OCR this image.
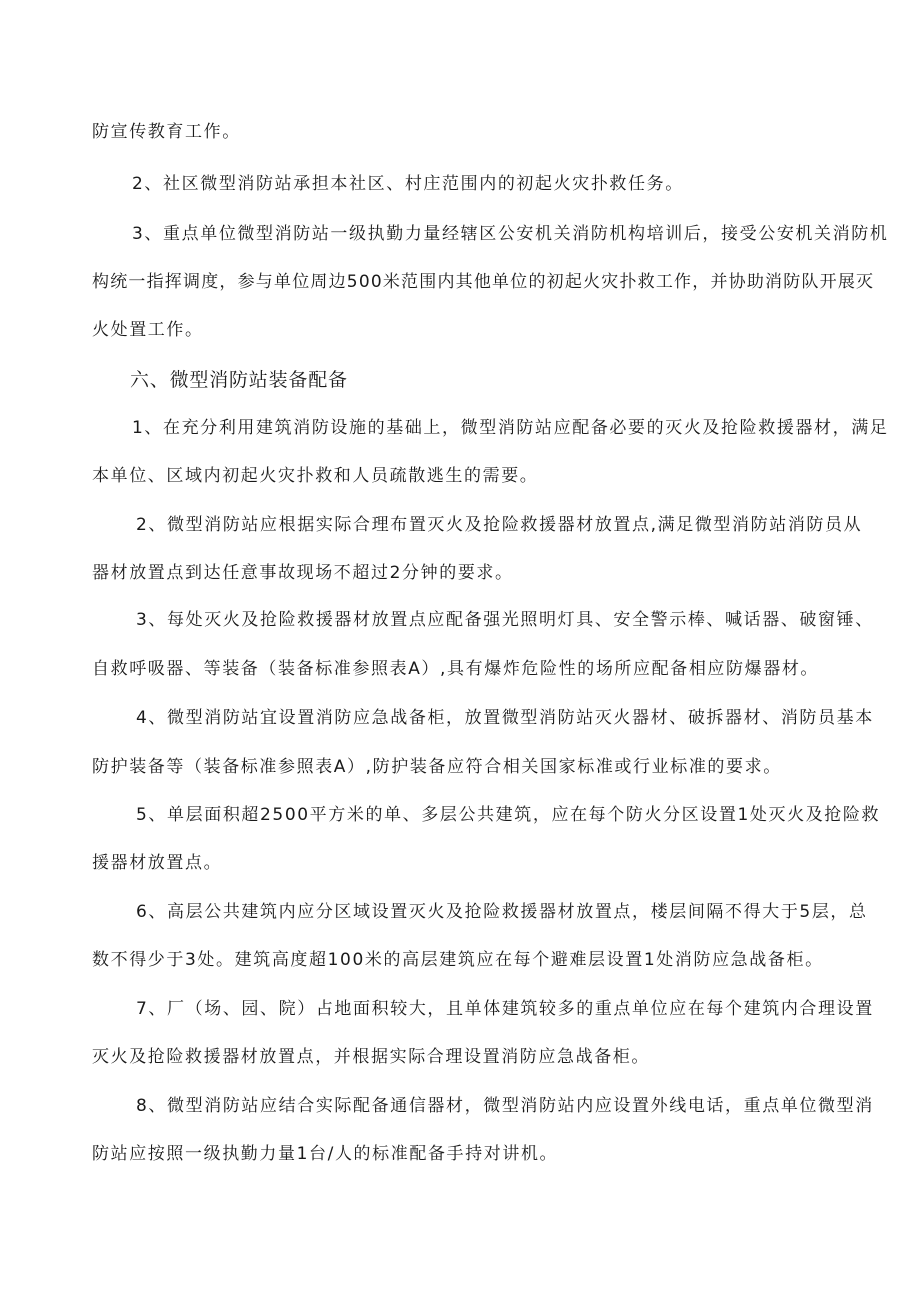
防宣传教育工作。
2、社区微型消防站承担本社区、村庄范围内的初起火灾扑救任务。
3、重点单位微型消防站一级执勤力量经辖区公安机关消防机构培训后，接受公安机关消防机
构统一指挥调度，参与单位周边500米范围内其他单位的初起火灾扑救工作，并协助消防队开展灭
火处置工作。
六、微型消防站装备配备
1、在充分利用建筑消防设施的基础上，微型消防站应配备必要的灭火及抢险救援器材，满足
本单位、区域内初起火灾扑救和人员疏散逃生的需要。
2、微型消防站应根据实际合理布置灭火及抢险救援器材放置点,满足微型消防站消防员从
器材放置点到达任意事故现场不超过2分钟的要求。
3、每处灭火及抢险救援器材放置点应配备强光照明灯具、安全警示棒、喊话器、破窗锤、
自救呼吸器、等装备（装备标准参照表A）,具有爆炸危险性的场所应配备相应防爆器材。
4、微型消防站宜设置消防应急战备柜，放置微型消防站灭火器材、破拆器材、消防员基本
防护装备等（装备标准参照表A）,防护装备应符合相关国家标准或行业标准的要求。
5、单层面积超2500平方米的单、多层公共建筑，应在每个防火分区设置1处灭火及抢险救
援器材放置点。
6、高层公共建筑内应分区域设置灭火及抢险救援器材放置点，楼层间隔不得大于5层，总
数不得少于3处。建筑高度超100米的高层建筑应在每个避难层设置1处消防应急战备柜。
7、厂（场、园、院）占地面积较大，且单体建筑较多的重点单位应在每个建筑内合理设置
灭火及抢险救援器材放置点，并根据实际合理设置消防应急战备柜。
8、微型消防站应结合实际配备通信器材，微型消防站内应设置外线电话，重点单位微型消
防站应按照一级执勤力量1台/人的标准配备手持对讲机。
